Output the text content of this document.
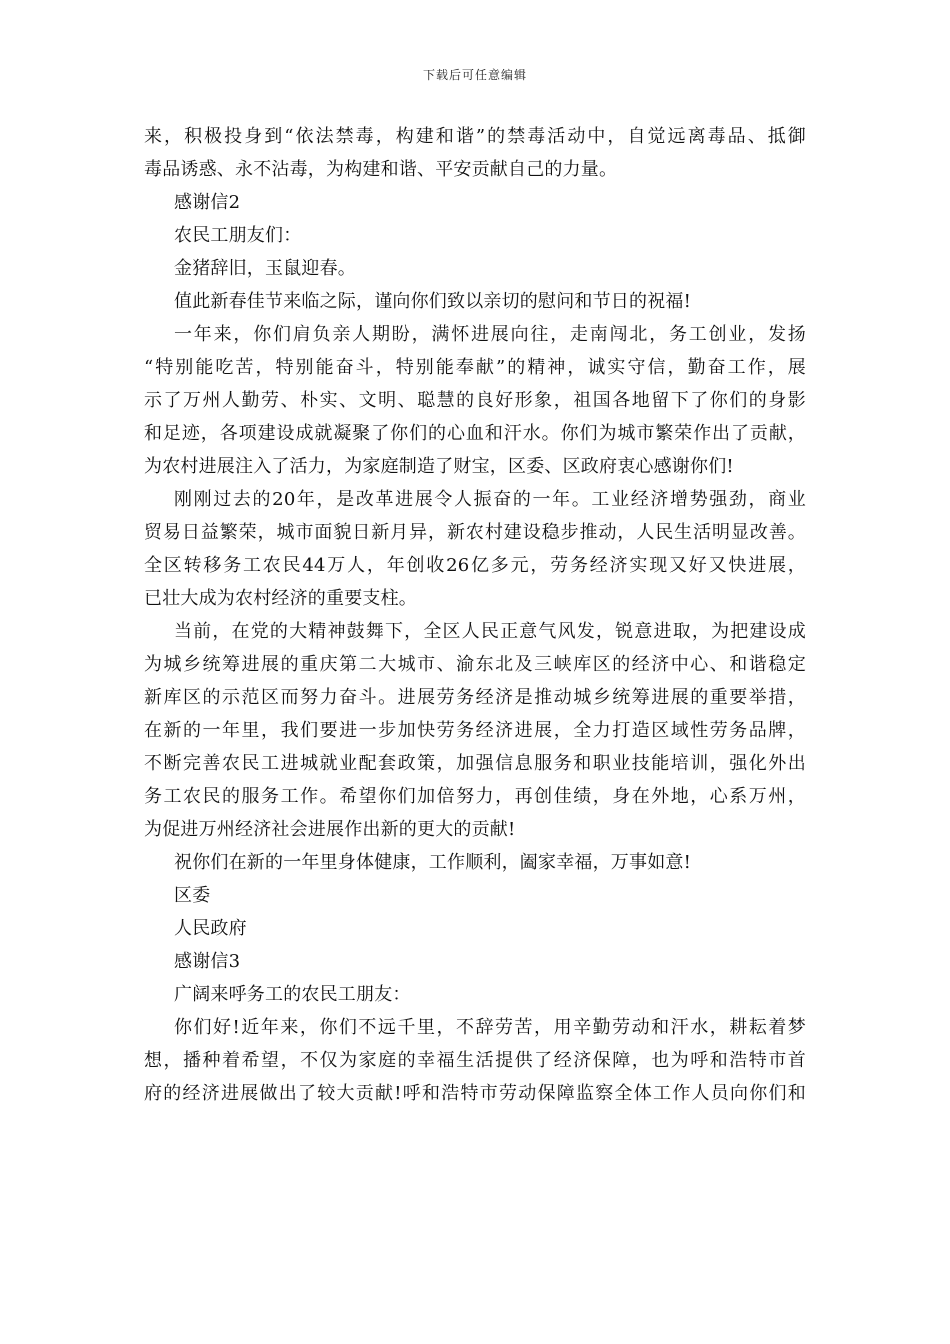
下载后可任意编辑
来，积极投身到“依法禁毒，构建和谐”的禁毒活动中，自觉远离毒品、抵御
毒品诱惑、永不沾毒，为构建和谐、平安贡献自己的力量。
感谢信2
农民工朋友们：
金猪辞旧，玉鼠迎春。
值此新春佳节来临之际，谨向你们致以亲切的慰问和节日的祝福!
一年来，你们肩负亲人期盼，满怀进展向往，走南闯北，务工创业，发扬
“特别能吃苦，特别能奋斗，特别能奉献”的精神，诚实守信，勤奋工作，展
示了万州人勤劳、朴实、文明、聪慧的良好形象，祖国各地留下了你们的身影
和足迹，各项建设成就凝聚了你们的心血和汗水。你们为城市繁荣作出了贡献，
为农村进展注入了活力，为家庭制造了财宝，区委、区政府衷心感谢你们!
刚刚过去的20年，是改革进展令人振奋的一年。工业经济增势强劲，商业
贸易日益繁荣，城市面貌日新月异，新农村建设稳步推动，人民生活明显改善。
全区转移务工农民44万人，年创收26亿多元，劳务经济实现又好又快进展，
已壮大成为农村经济的重要支柱。
当前，在党的大精神鼓舞下，全区人民正意气风发，锐意进取，为把建设成
为城乡统筹进展的重庆第二大城市、渝东北及三峡库区的经济中心、和谐稳定
新库区的示范区而努力奋斗。进展劳务经济是推动城乡统筹进展的重要举措，
在新的一年里，我们要进一步加快劳务经济进展，全力打造区域性劳务品牌，
不断完善农民工进城就业配套政策，加强信息服务和职业技能培训，强化外出
务工农民的服务工作。希望你们加倍努力，再创佳绩，身在外地，心系万州，
为促进万州经济社会进展作出新的更大的贡献!
祝你们在新的一年里身体健康，工作顺利，阖家幸福，万事如意!
区委
人民政府
感谢信3
广阔来呼务工的农民工朋友：
你们好!近年来，你们不远千里，不辞劳苦，用辛勤劳动和汗水，耕耘着梦
想，播种着希望，不仅为家庭的幸福生活提供了经济保障，也为呼和浩特市首
府的经济进展做出了较大贡献!呼和浩特市劳动保障监察全体工作人员向你们和
